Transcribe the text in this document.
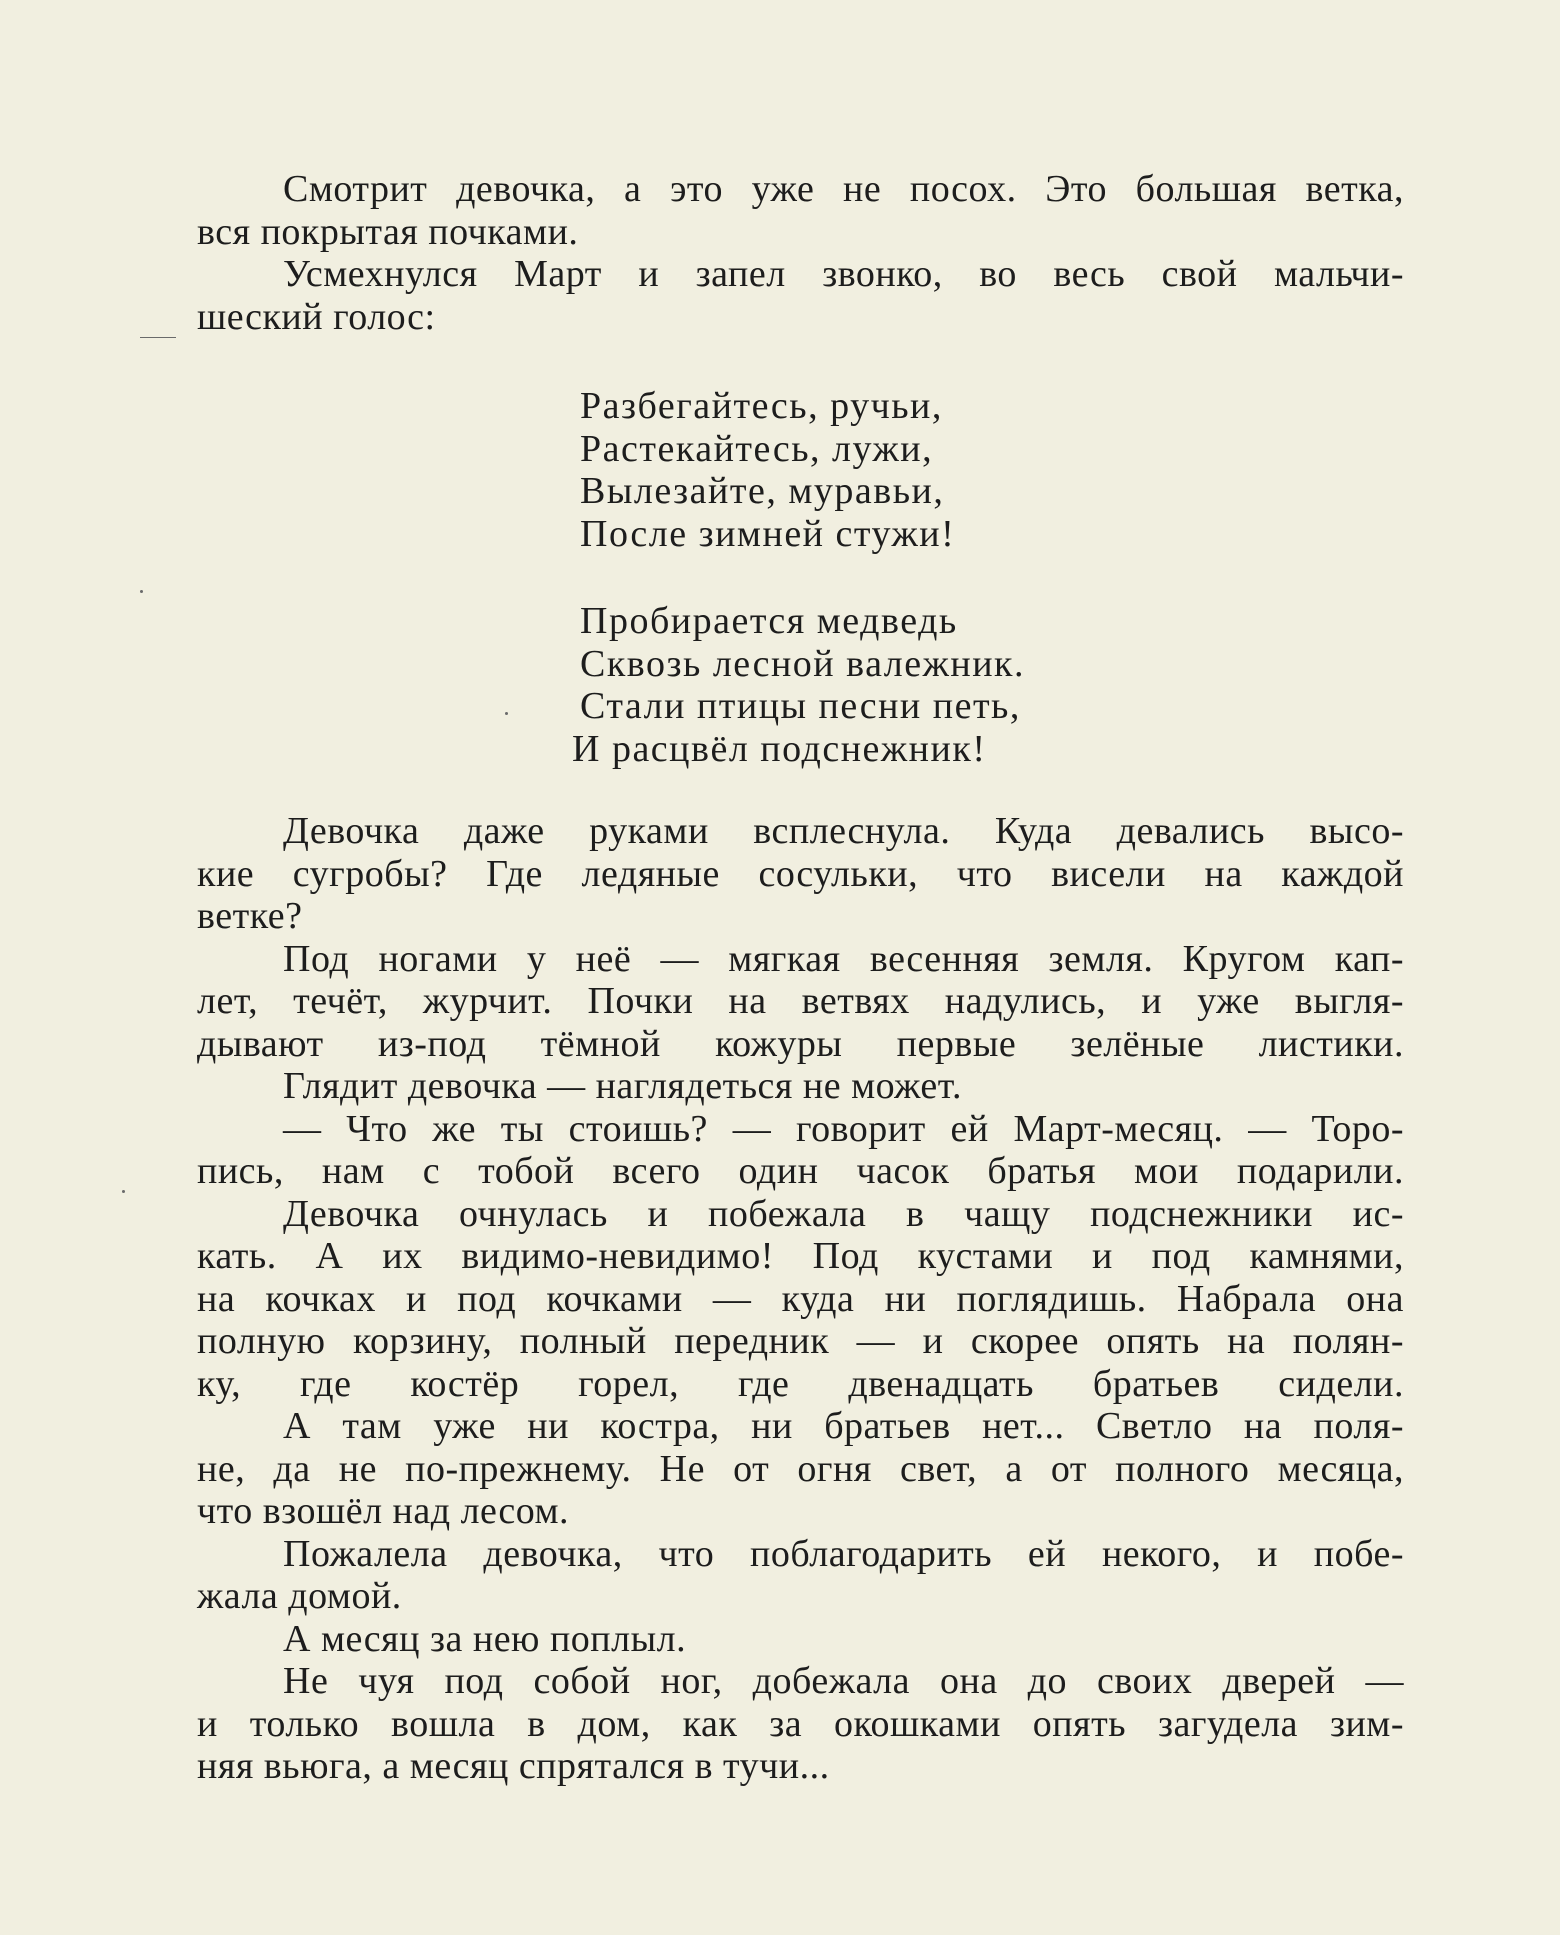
Смотрит девочка, а это уже не посох. Это большая ветка,
вся покрытая почками.
Усмехнулся Март и запел звонко, во весь свой мальчи-
шеский голос:
Разбегайтесь, ручьи,
Растекайтесь, лужи,
Вылезайте, муравьи,
После зимней стужи!
Пробирается медведь
Сквозь лесной валежник.
Стали птицы песни петь,
И расцвёл подснежник!
Девочка даже руками всплеснула. Куда девались высо-
кие сугробы? Где ледяные сосульки, что висели на каждой
ветке?
Под ногами у неё — мягкая весенняя земля. Кругом кап-
лет, течёт, журчит. Почки на ветвях надулись, и уже выгля-
дывают из-под тёмной кожуры первые зелёные листики.
Глядит девочка — наглядеться не может.
— Что же ты стоишь? — говорит ей Март-месяц. — Торо-
пись, нам с тобой всего один часок братья мои подарили.
Девочка очнулась и побежала в чащу подснежники ис-
кать. А их видимо-невидимо! Под кустами и под камнями,
на кочках и под кочками — куда ни поглядишь. Набрала она
полную корзину, полный передник — и скорее опять на полян-
ку, где костёр горел, где двенадцать братьев сидели.
А там уже ни костра, ни братьев нет... Светло на поля-
не, да не по-прежнему. Не от огня свет, а от полного месяца,
что взошёл над лесом.
Пожалела девочка, что поблагодарить ей некого, и побе-
жала домой.
А месяц за нею поплыл.
Не чуя под собой ног, добежала она до своих дверей —
и только вошла в дом, как за окошками опять загудела зим-
няя вьюга, а месяц спрятался в тучи...
